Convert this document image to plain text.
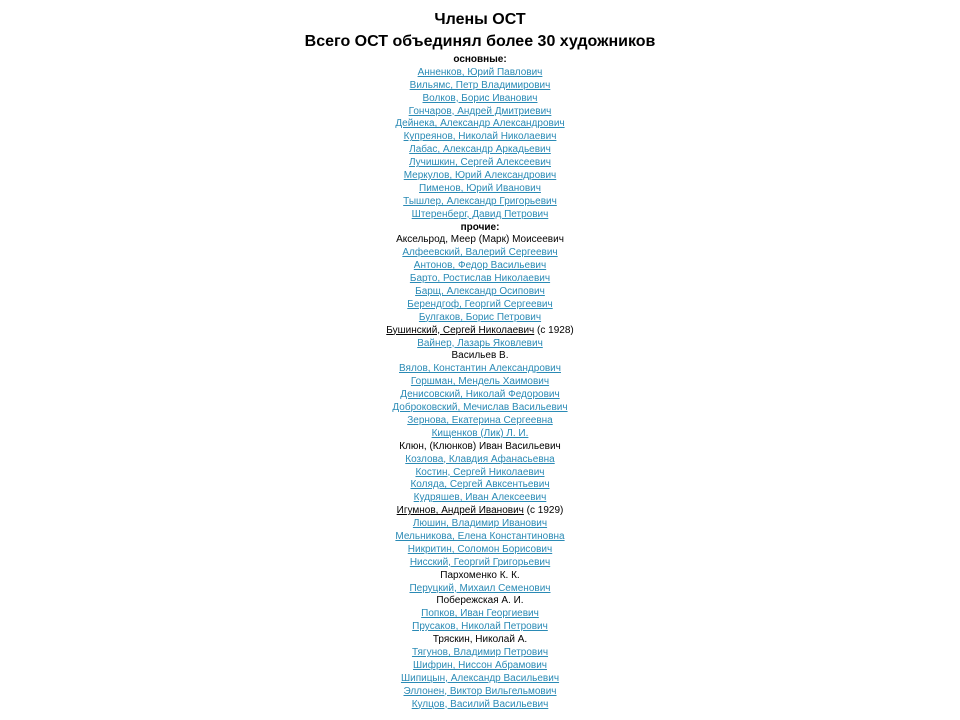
Члены ОСТ
Всего ОСТ объединял более 30 художников
основные:
Анненков, Юрий Павлович
Вильямс, Петр Владимирович
Волков, Борис Иванович
Гончаров, Андрей Дмитриевич
Дейнека, Александр Александрович
Купреянов, Николай Николаевич
Лабас, Александр Аркадьевич
Лучишкин, Сергей Алексеевич
Меркулов, Юрий Александрович
Пименов, Юрий Иванович
Тышлер, Александр Григорьевич
Штеренберг, Давид Петрович
прочие:
Аксельрод, Меер (Марк) Моисеевич
Алфеевский, Валерий Сергеевич
Антонов, Федор Васильевич
Барто, Ростислав Николаевич
Барщ, Александр Осипович
Берендгоф, Георгий Сергеевич
Булгаков, Борис Петрович
Бушинский, Сергей Николаевич (с 1928)
Вайнер, Лазарь Яковлевич
Васильев В.
Вялов, Константин Александрович
Горшман, Мендель Хаимович
Денисовский, Николай Федорович
Доброковский, Мечислав Васильевич
Зернова, Екатерина Сергеевна
Кищенков (Лик) Л. И.
Клюн, (Клюнков) Иван Васильевич
Козлова, Клавдия Афанасьевна
Костин, Сергей Николаевич
Коляда, Сергей Авксентьевич
Кудряшев, Иван Алексеевич
Игумнов, Андрей Иванович (с 1929)
Люшин, Владимир Иванович
Мельникова, Елена Константиновна
Никритин, Соломон Борисович
Нисский, Георгий Григорьевич
Пархоменко К. К.
Перуцкий, Михаил Семенович
Побережская А. И.
Попков, Иван Георгиевич
Прусаков, Николай Петрович
Тряскин, Николай А.
Тягунов, Владимир Петрович
Шифрин, Ниссон Абрамович
Шипицын, Александр Васильевич
Эллонен, Виктор Вильгельмович
Кулцов, Василий Васильевич
